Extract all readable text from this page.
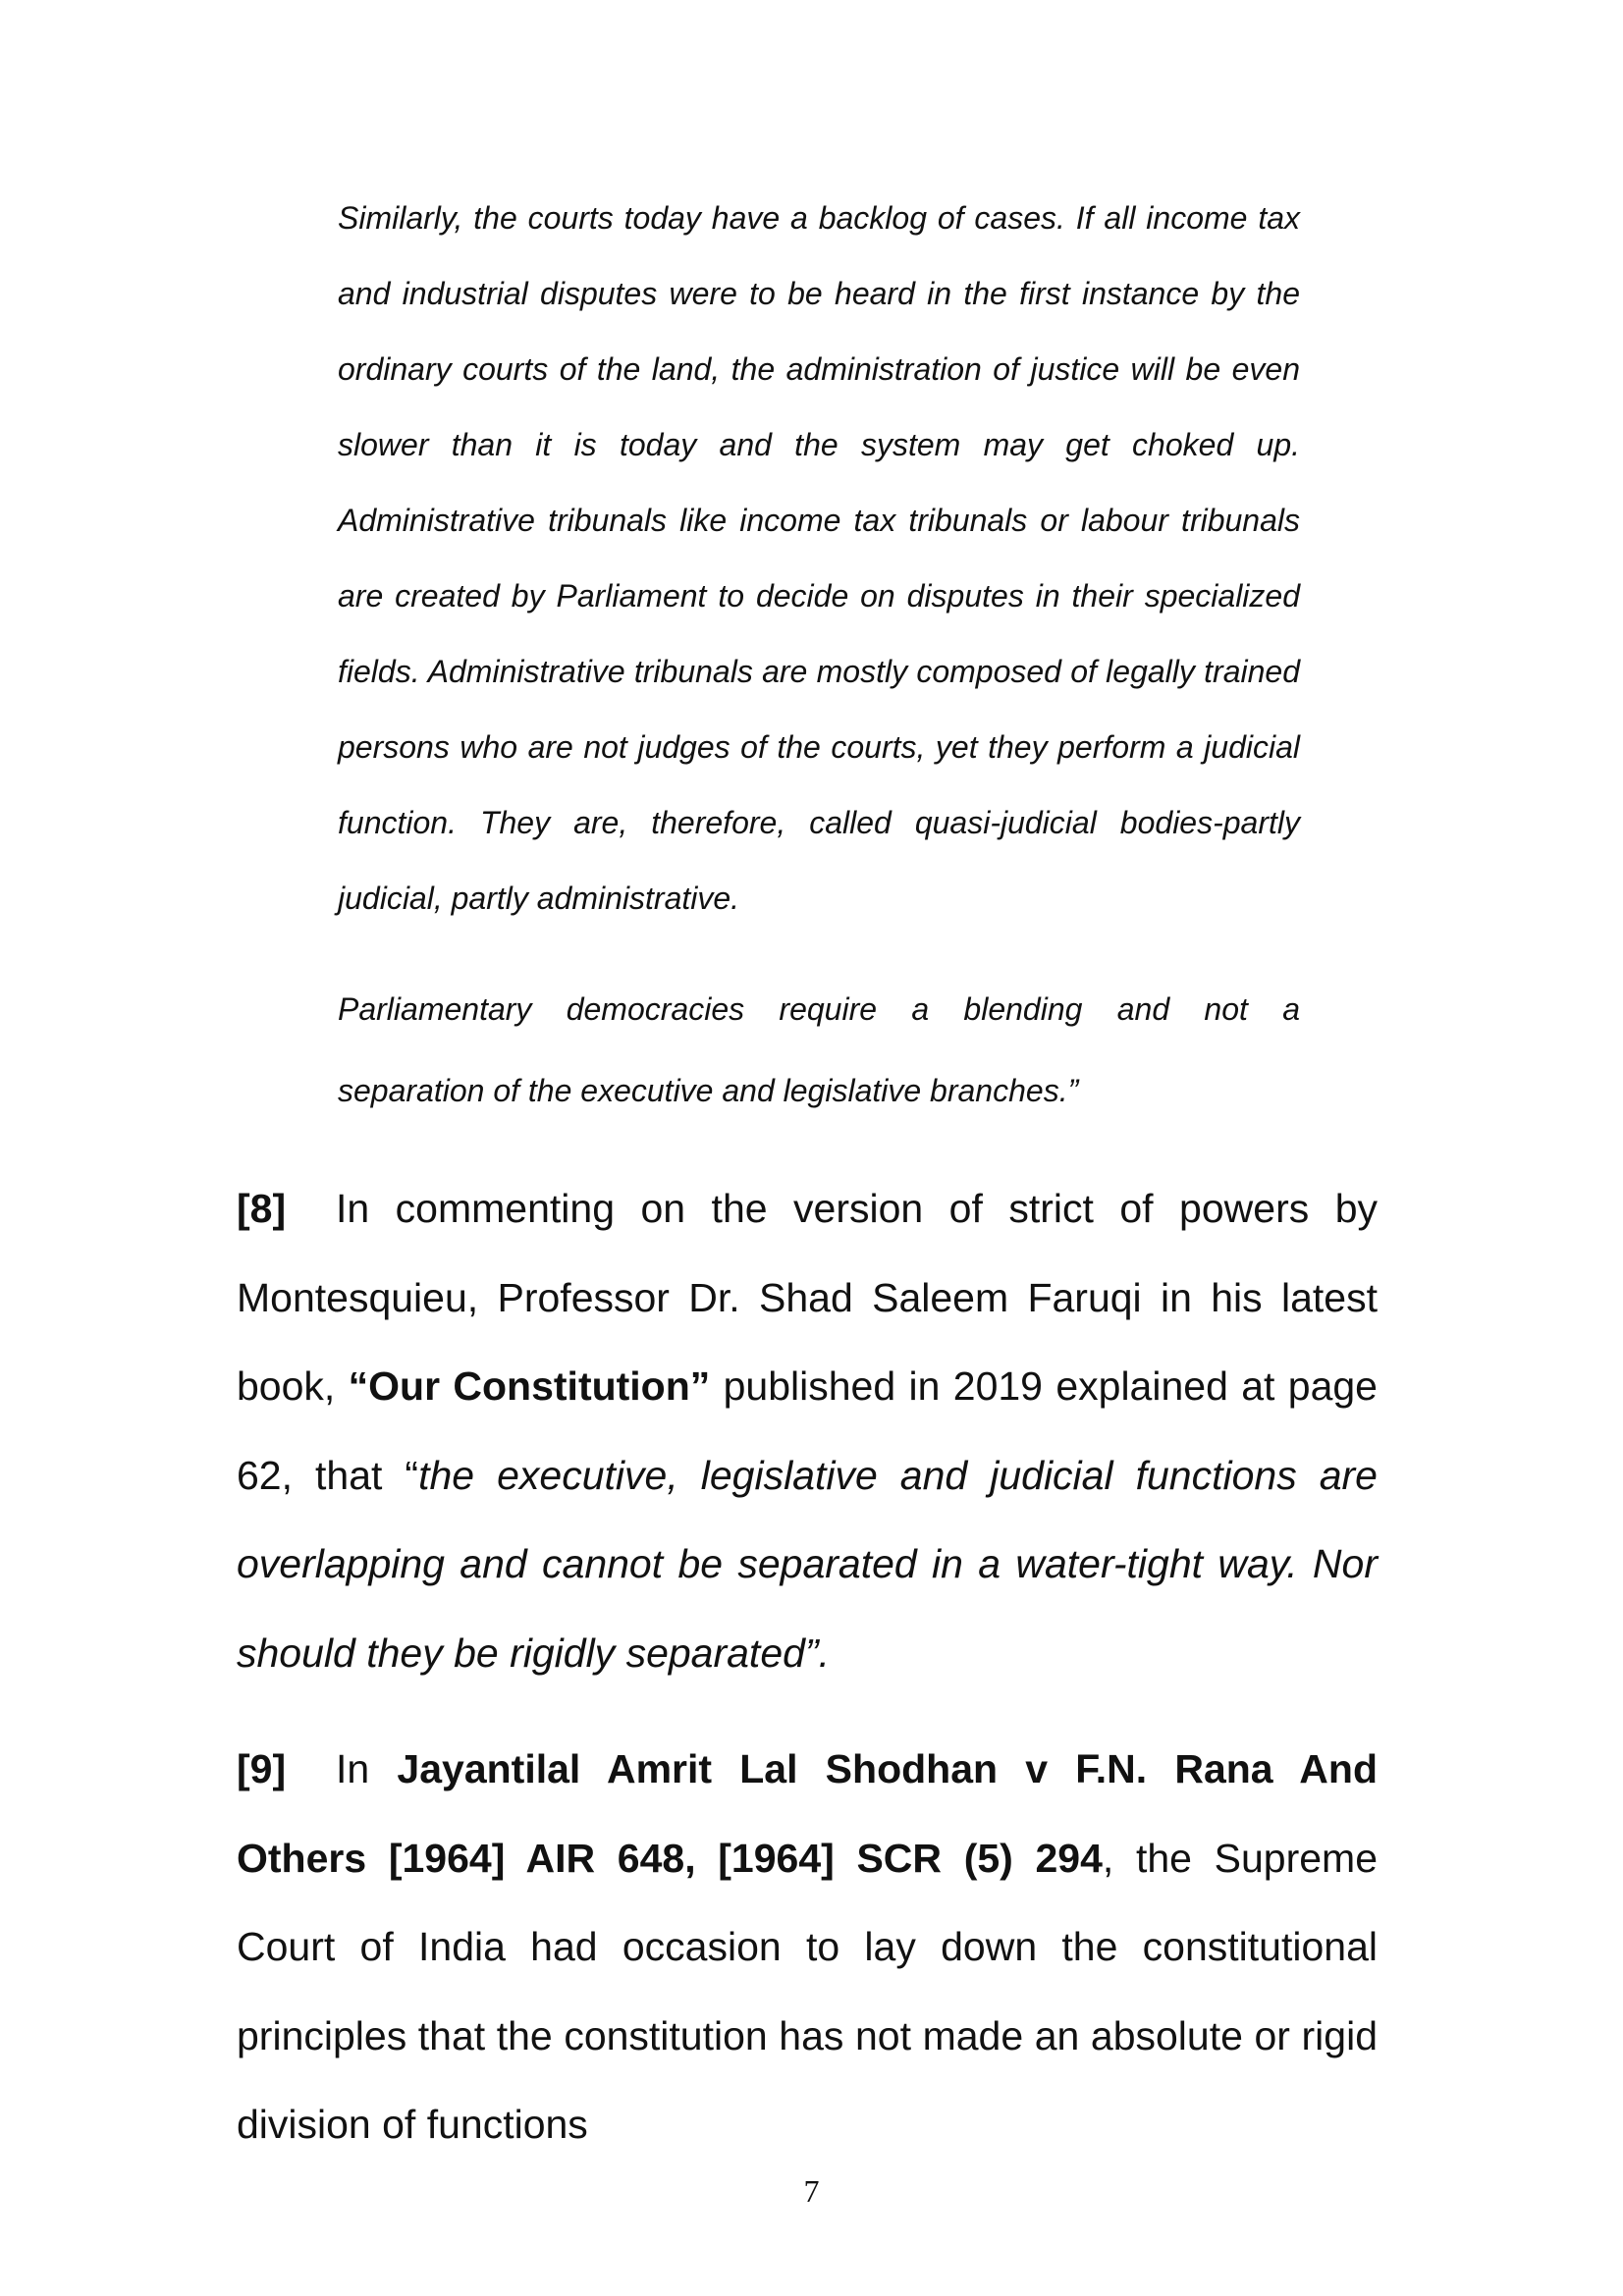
Similarly, the courts today have a backlog of cases. If all income tax and industrial disputes were to be heard in the first instance by the ordinary courts of the land, the administration of justice will be even slower than it is today and the system may get choked up. Administrative tribunals like income tax tribunals or labour tribunals are created by Parliament to decide on disputes in their specialized fields. Administrative tribunals are mostly composed of legally trained persons who are not judges of the courts, yet they perform a judicial function. They are, therefore, called quasi-judicial bodies-partly judicial, partly administrative.

Parliamentary democracies require a blending and not a
separation of the executive and legislative branches.”

[8] In commenting on the version of strict of powers by Montesquieu, Professor Dr. Shad Saleem Faruqi in his latest book, “Our Constitution” published in 2019 explained at page 62, that “the executive, legislative and judicial functions are overlapping and cannot be separated in a water-tight way. Nor should they be rigidly separated”.

[9] In Jayantilal Amrit Lal Shodhan v F.N. Rana And Others [1964] AIR 648, [1964] SCR (5) 294, the Supreme Court of India had occasion to lay down the constitutional principles that the constitution has not made an absolute or rigid division of functions

7
